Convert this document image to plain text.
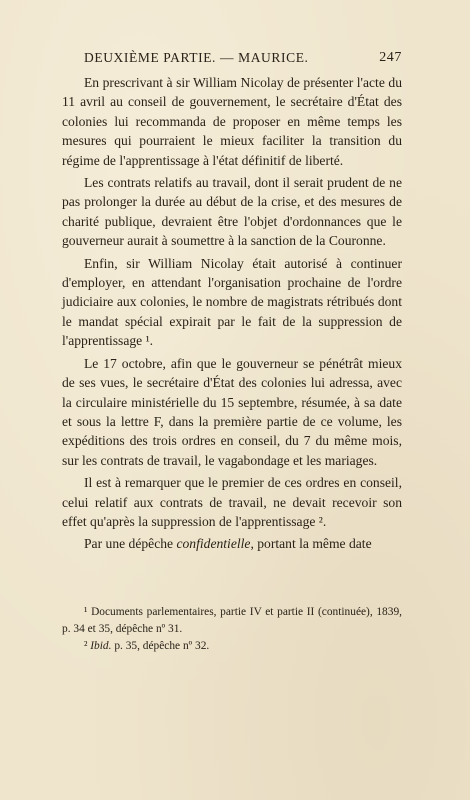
DEUXIÈME PARTIE. — MAURICE.	247

En prescrivant à sir William Nicolay de présenter l'acte du 11 avril au conseil de gouvernement, le secrétaire d'État des colonies lui recommanda de proposer en même temps les mesures qui pourraient le mieux faciliter la transition du régime de l'apprentissage à l'état définitif de liberté.

Les contrats relatifs au travail, dont il serait prudent de ne pas prolonger la durée au début de la crise, et des mesures de charité publique, devraient être l'objet d'ordonnances que le gouverneur aurait à soumettre à la sanction de la Couronne.

Enfin, sir William Nicolay était autorisé à continuer d'employer, en attendant l'organisation prochaine de l'ordre judiciaire aux colonies, le nombre de magistrats rétribués dont le mandat spécial expirait par le fait de la suppression de l'apprentissage ¹.

Le 17 octobre, afin que le gouverneur se pénétrât mieux de ses vues, le secrétaire d'État des colonies lui adressa, avec la circulaire ministérielle du 15 septembre, résumée, à sa date et sous la lettre F, dans la première partie de ce volume, les expéditions des trois ordres en conseil, du 7 du même mois, sur les contrats de travail, le vagabondage et les mariages.

Il est à remarquer que le premier de ces ordres en conseil, celui relatif aux contrats de travail, ne devait recevoir son effet qu'après la suppression de l'apprentissage ².

Par une dépêche confidentielle, portant la même date

¹ Documents parlementaires, partie IV et partie II (continuée), 1839, p. 34 et 35, dépêche nº 31.

² Ibid. p. 35, dépêche nº 32.
